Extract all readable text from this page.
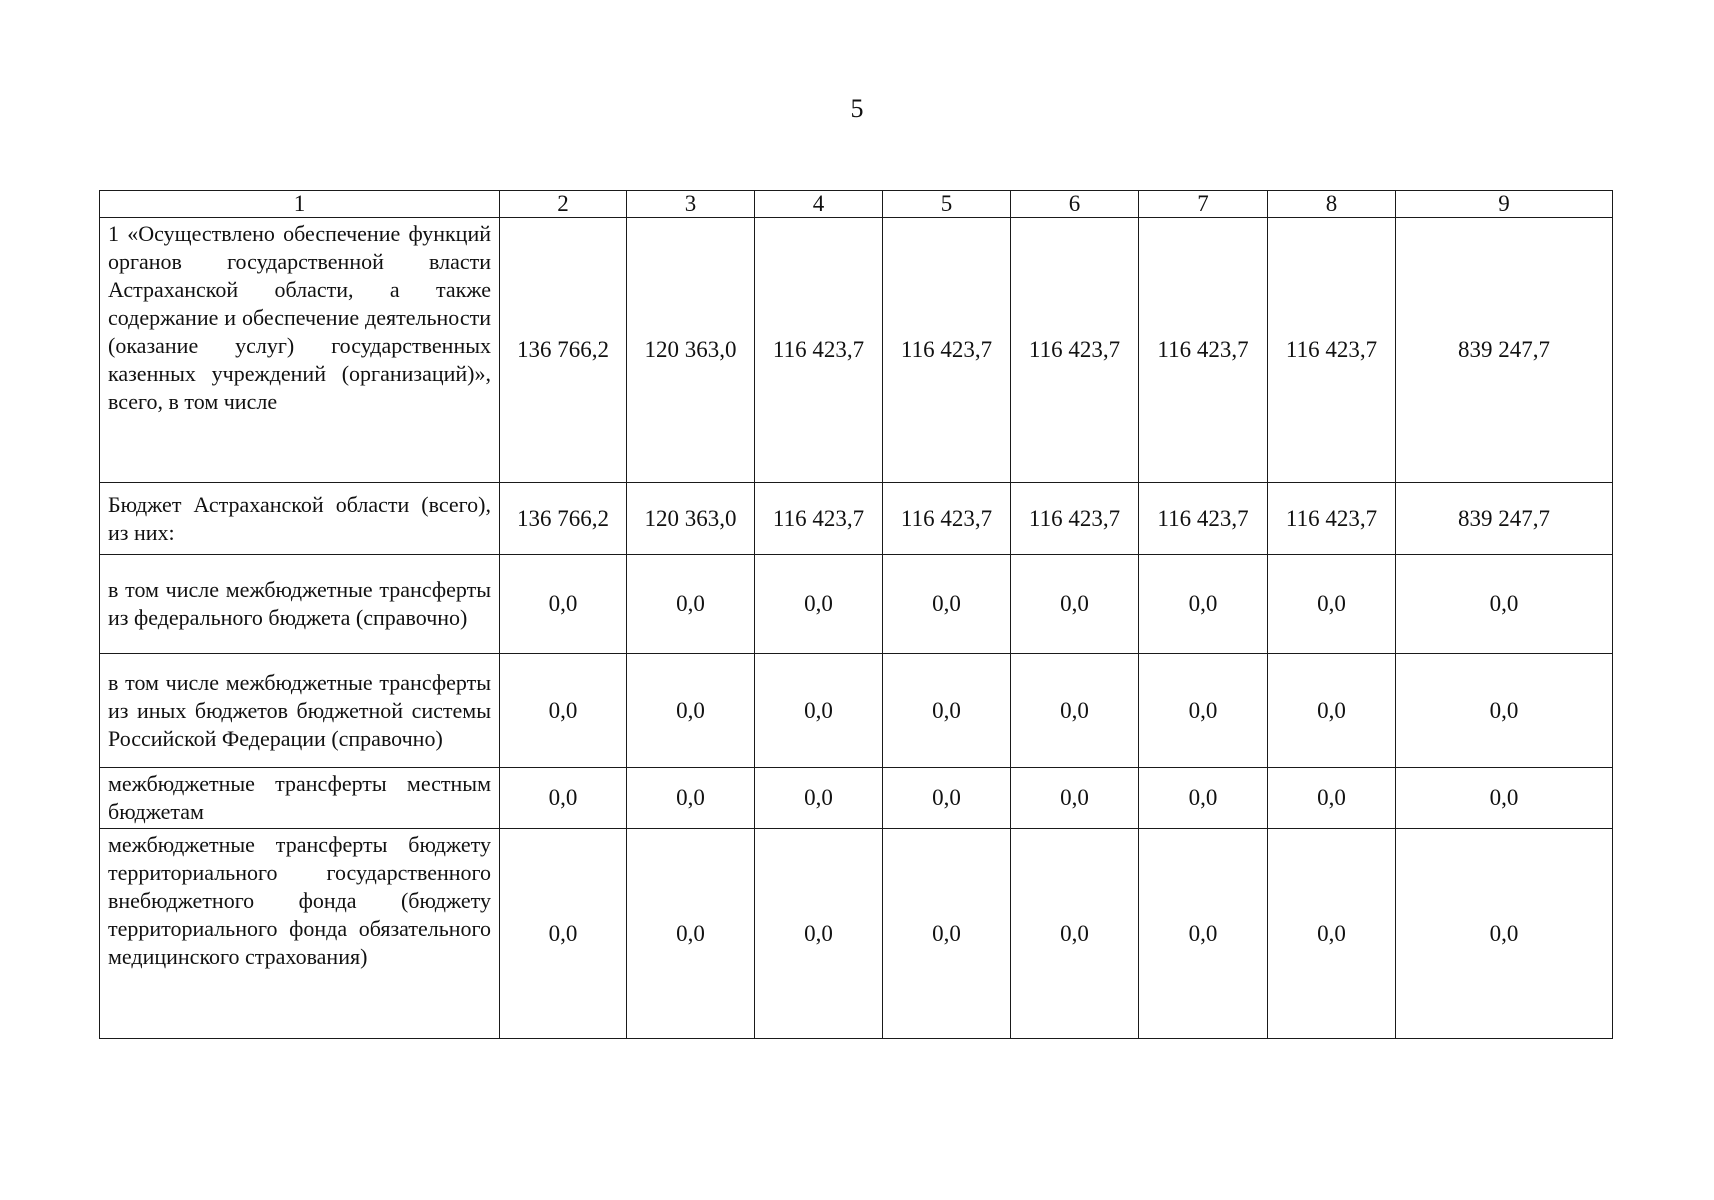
5
1	2	3	4	5	6	7	8	9
1 «Осуществлено обеспечение функций органов государственной власти Астраханской области, а также содержание и обеспечение деятельности (оказание услуг) государственных казенных учреждений (организаций)», всего, в том числе	136 766,2	120 363,0	116 423,7	116 423,7	116 423,7	116 423,7	116 423,7	839 247,7
Бюджет Астраханской области (всего), из них:	136 766,2	120 363,0	116 423,7	116 423,7	116 423,7	116 423,7	116 423,7	839 247,7
в том числе межбюджетные трансферты из федерального бюджета (справочно)	0,0	0,0	0,0	0,0	0,0	0,0	0,0	0,0
в том числе межбюджетные трансферты из иных бюджетов бюджетной системы Российской Федерации (справочно)	0,0	0,0	0,0	0,0	0,0	0,0	0,0	0,0
межбюджетные трансферты местным бюджетам	0,0	0,0	0,0	0,0	0,0	0,0	0,0	0,0
межбюджетные трансферты бюджету территориального государственного внебюджетного фонда (бюджету территориального фонда обязательного медицинского страхования)	0,0	0,0	0,0	0,0	0,0	0,0	0,0	0,0
